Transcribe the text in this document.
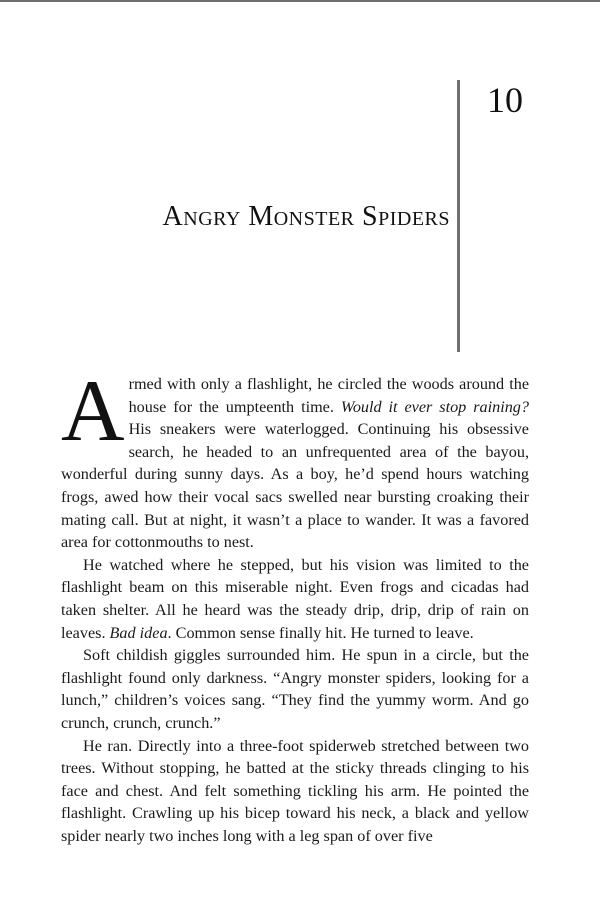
10
Angry Monster Spiders

Armed with only a flashlight, he circled the woods around the house for the umpteenth time. Would it ever stop raining? His sneakers were waterlogged. Continuing his obsessive search, he headed to an unfrequented area of the bayou, wonderful during sunny days. As a boy, he’d spend hours watching frogs, awed how their vocal sacs swelled near bursting croaking their mating call. But at night, it wasn’t a place to wander. It was a favored area for cottonmouths to nest.

He watched where he stepped, but his vision was limited to the flashlight beam on this miserable night. Even frogs and cicadas had taken shelter. All he heard was the steady drip, drip, drip of rain on leaves. Bad idea. Common sense finally hit. He turned to leave.

Soft childish giggles surrounded him. He spun in a circle, but the flashlight found only darkness. “Angry monster spiders, looking for a lunch,” children’s voices sang. “They find the yummy worm. And go crunch, crunch, crunch.”

He ran. Directly into a three-foot spiderweb stretched between two trees. Without stopping, he batted at the sticky threads clinging to his face and chest. And felt something tickling his arm. He pointed the flashlight. Crawling up his bicep toward his neck, a black and yellow spider nearly two inches long with a leg span of over five
